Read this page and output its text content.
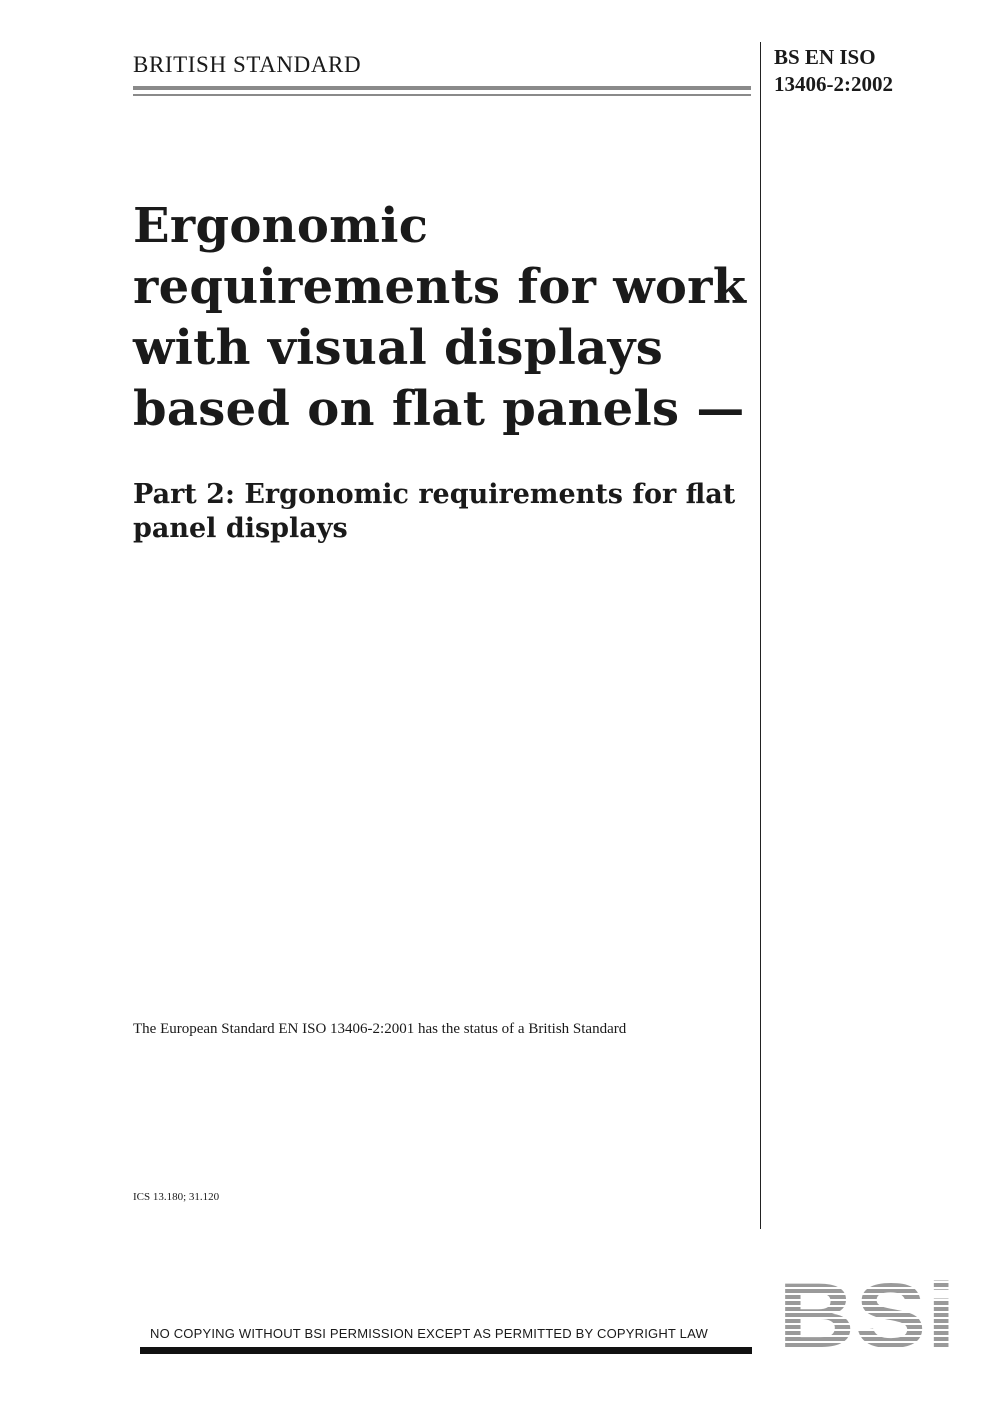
BRITISH STANDARD	BS EN ISO
13406-2:2002
Ergonomic
requirements for work
with visual displays
based on flat panels —
Part 2: Ergonomic requirements for flat
panel displays
The European Standard EN ISO 13406-2:2001 has the status of a British Standard
ICS 13.180; 31.120
NO COPYING WITHOUT BSI PERMISSION EXCEPT AS PERMITTED BY COPYRIGHT LAW
